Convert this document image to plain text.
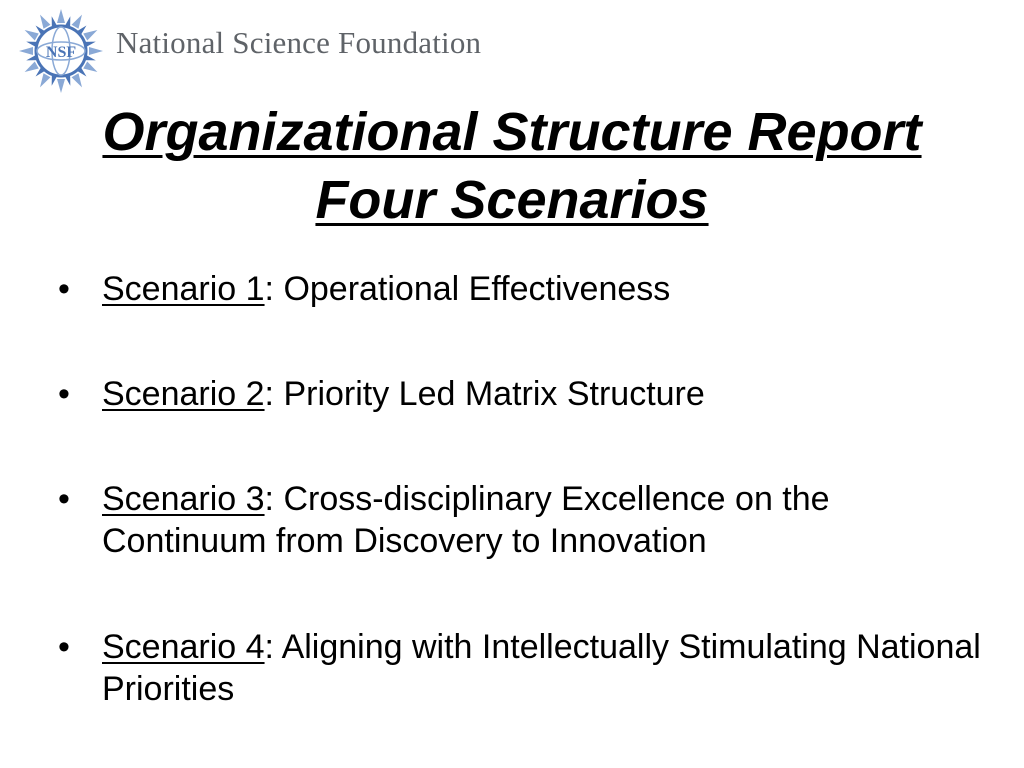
NSF National Science Foundation
Organizational Structure Report
Four Scenarios
• Scenario 1: Operational Effectiveness
• Scenario 2: Priority Led Matrix Structure
• Scenario 3: Cross-disciplinary Excellence on the Continuum from Discovery to Innovation
• Scenario 4: Aligning with Intellectually Stimulating National Priorities
